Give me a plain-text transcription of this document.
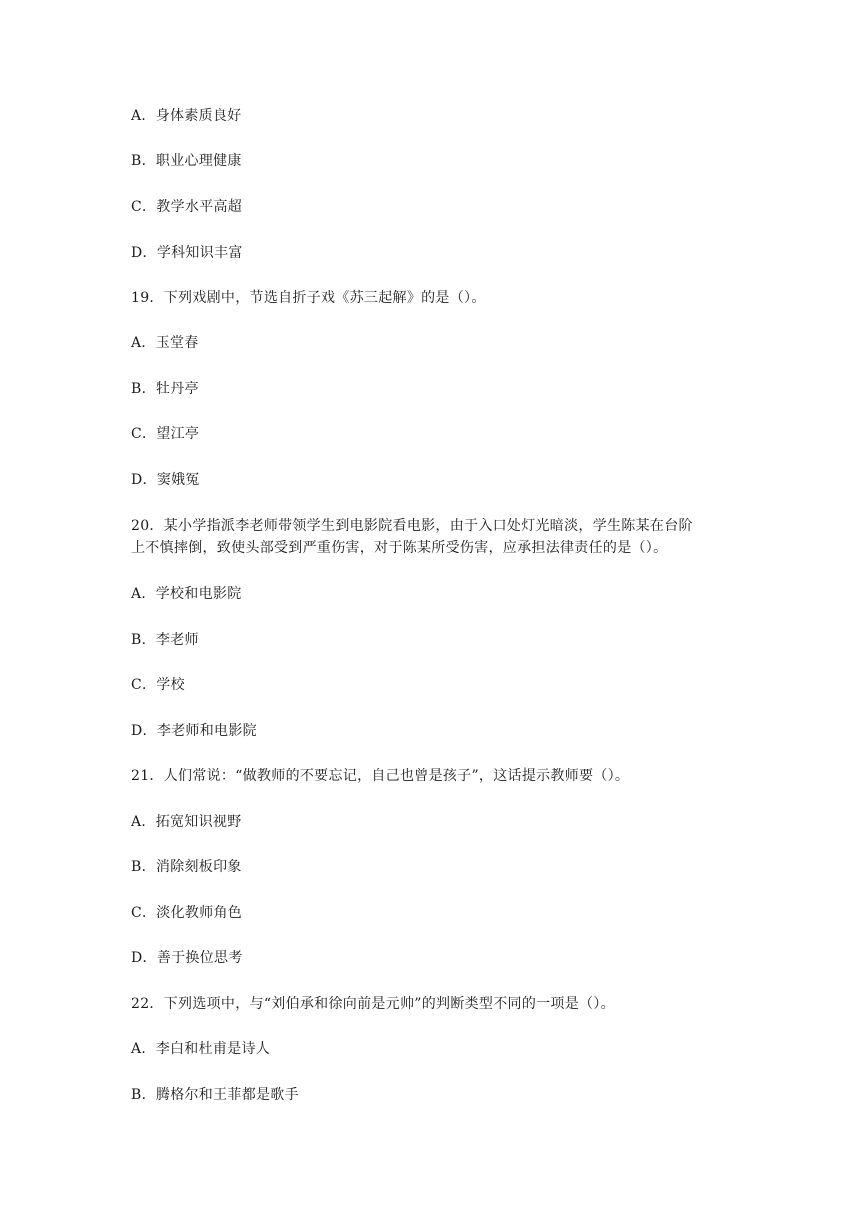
A．身体素质良好
B．职业心理健康
C．教学水平高超
D．学科知识丰富
19．下列戏剧中，节选自折子戏《苏三起解》的是（）。
A．玉堂春
B．牡丹亭
C．望江亭
D．窦娥冤
20．某小学指派李老师带领学生到电影院看电影，由于入口处灯光暗淡，学生陈某在台阶
上不慎摔倒，致使头部受到严重伤害，对于陈某所受伤害，应承担法律责任的是（）。
A．学校和电影院
B．李老师
C．学校
D．李老师和电影院
21．人们常说：“做教师的不要忘记，自己也曾是孩子”，这话提示教师要（）。
A．拓宽知识视野
B．消除刻板印象
C．淡化教师角色
D．善于换位思考
22．下列选项中，与“刘伯承和徐向前是元帅”的判断类型不同的一项是（）。
A．李白和杜甫是诗人
B．腾格尔和王菲都是歌手
